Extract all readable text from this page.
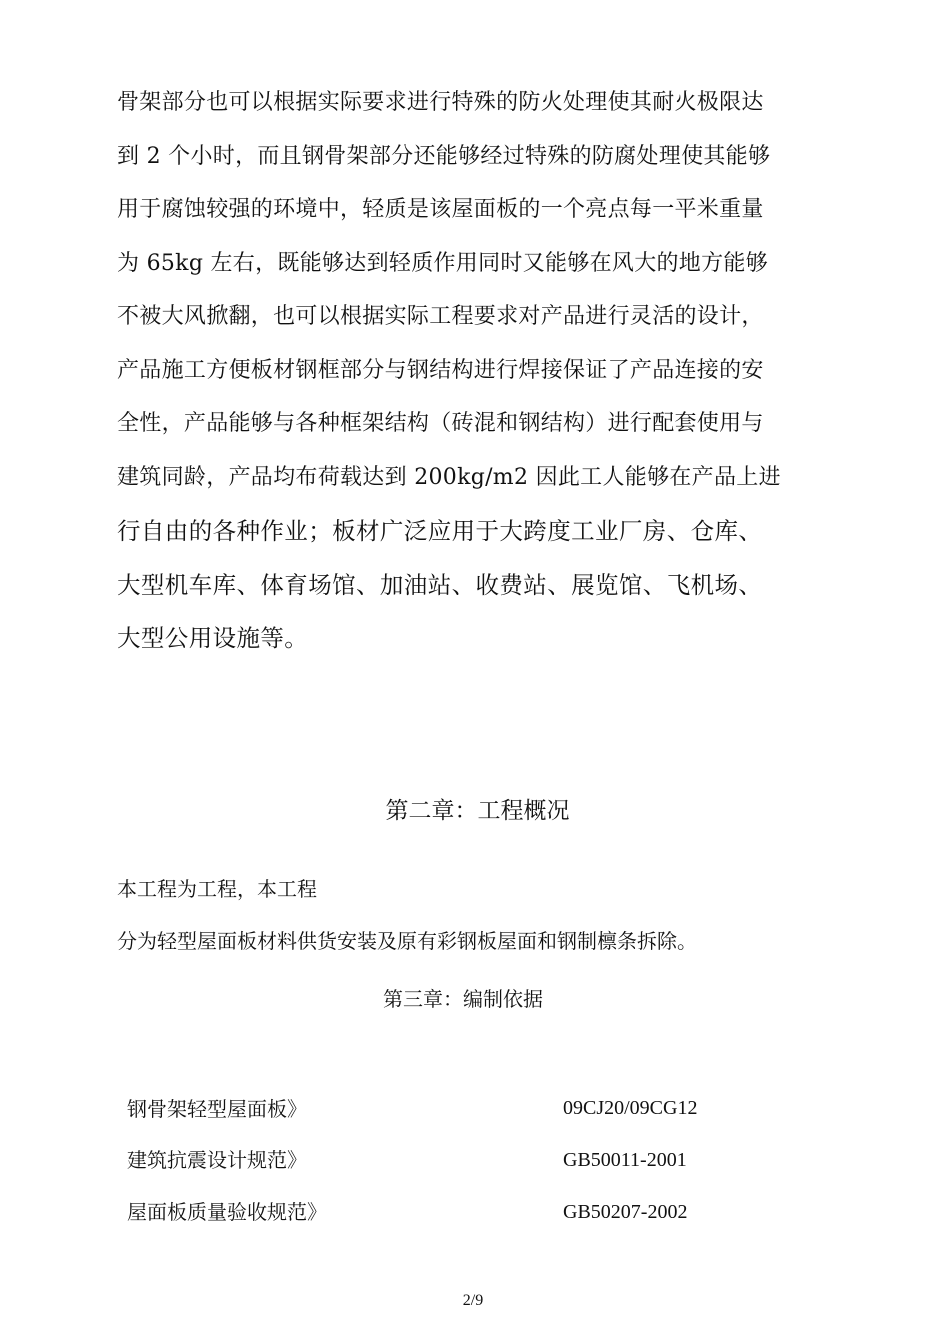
骨架部分也可以根据实际要求进行特殊的防火处理使其耐火极限达
到 2 个小时，而且钢骨架部分还能够经过特殊的防腐处理使其能够
用于腐蚀较强的环境中，轻质是该屋面板的一个亮点每一平米重量
为 65kg 左右，既能够达到轻质作用同时又能够在风大的地方能够
不被大风掀翻，也可以根据实际工程要求对产品进行灵活的设计，
产品施工方便板材钢框部分与钢结构进行焊接保证了产品连接的安
全性，产品能够与各种框架结构（砖混和钢结构）进行配套使用与
建筑同龄，产品均布荷载达到 200kg/m2 因此工人能够在产品上进
行自由的各种作业；板材广泛应用于大跨度工业厂房、仓库、
大型机车库、体育场馆、加油站、收费站、展览馆、飞机场、
大型公用设施等。
第二章：工程概况
本工程为工程，本工程
分为轻型屋面板材料供货安装及原有彩钢板屋面和钢制檩条拆除。
第三章：编制依据
钢骨架轻型屋面板》	09CJ20/09CG12
建筑抗震设计规范》	GB50011-2001
屋面板质量验收规范》	GB50207-2002
2/9
